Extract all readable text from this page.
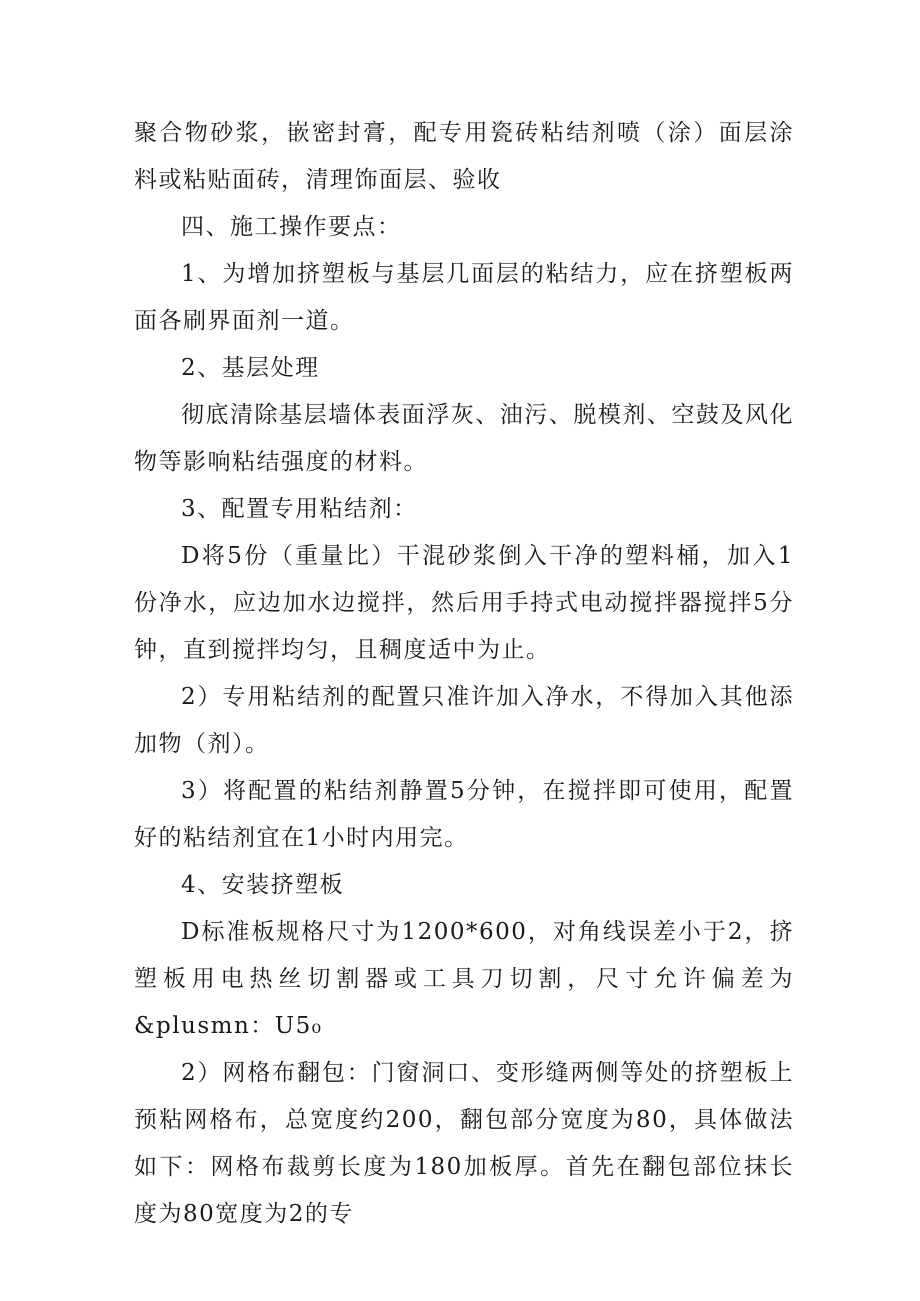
聚合物砂浆，嵌密封膏，配专用瓷砖粘结剂喷（涂）面层涂料或粘贴面砖，清理饰面层、验收

四、施工操作要点：

1、为增加挤塑板与基层几面层的粘结力，应在挤塑板两面各刷界面剂一道。

2、基层处理

彻底清除基层墙体表面浮灰、油污、脱模剂、空鼓及风化物等影响粘结强度的材料。

3、配置专用粘结剂：

D将5份（重量比）干混砂浆倒入干净的塑料桶，加入1份净水，应边加水边搅拌，然后用手持式电动搅拌器搅拌5分钟，直到搅拌均匀，且稠度适中为止。

2）专用粘结剂的配置只准许加入净水，不得加入其他添加物（剂）。

3）将配置的粘结剂静置5分钟，在搅拌即可使用，配置好的粘结剂宜在1小时内用完。

4、安装挤塑板

D标准板规格尺寸为1200*600，对角线误差小于2，挤塑板用电热丝切割器或工具刀切割，尺寸允许偏差为&plusmn：U5₀

2）网格布翻包：门窗洞口、变形缝两侧等处的挤塑板上预粘网格布，总宽度约200，翻包部分宽度为80，具体做法如下：网格布裁剪长度为180加板厚。首先在翻包部位抹长度为80宽度为2的专
